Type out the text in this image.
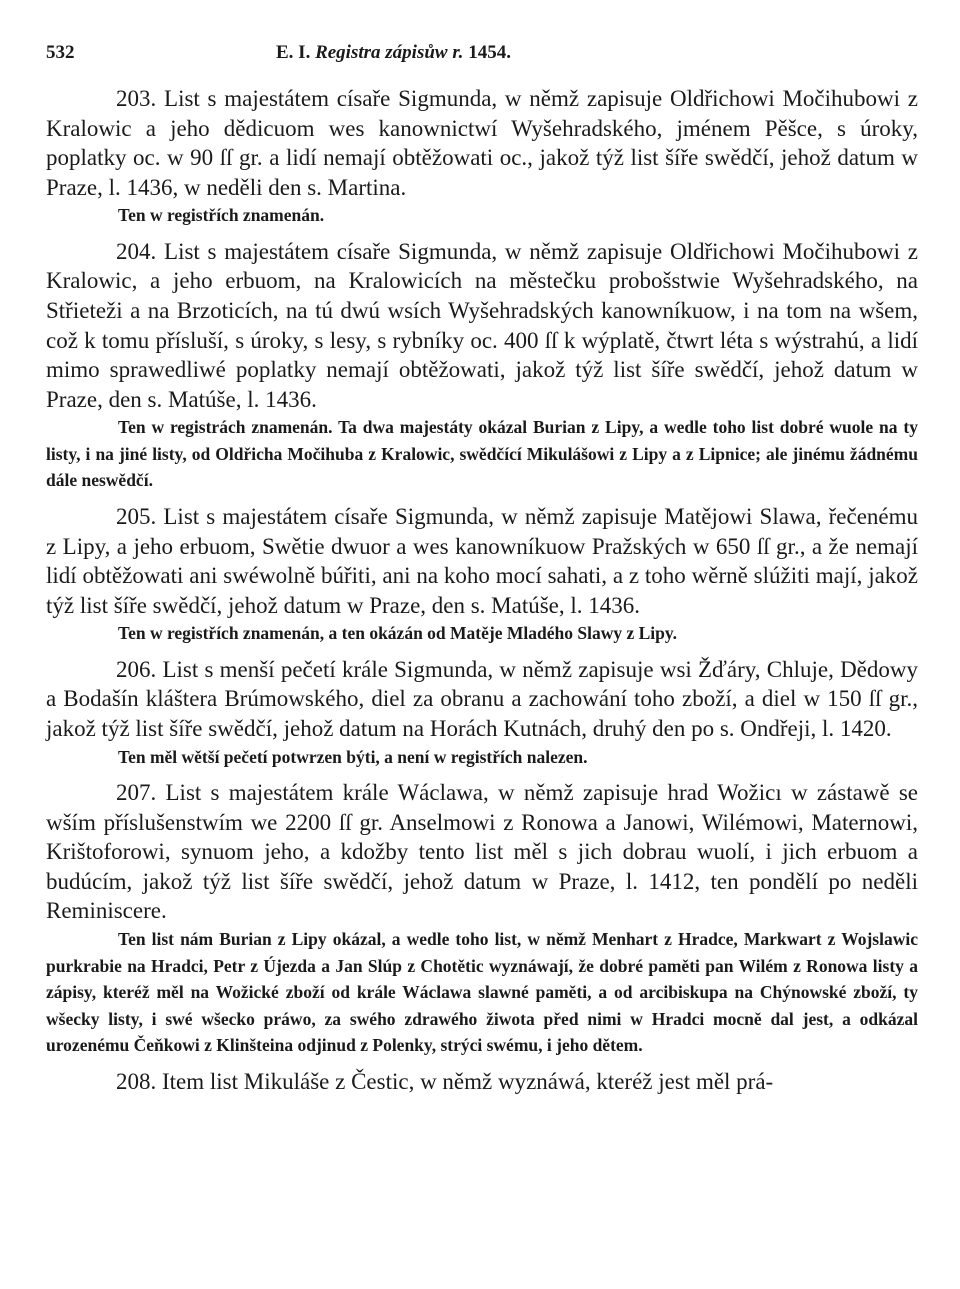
532	E. I. Registra zápisůw r. 1454.

203. List s majestátem císaře Sigmunda, w němž zapisuje Oldřichowi Močihubowi z Kralowic a jeho dědicuom wes kanownictwí Wyšehradského, jménem Pěšce, s úroky, poplatky oc. w 90 ſſ gr. a lidí nemají obtěžowati oc., jakož týž list šíře swědčí, jehož datum w Praze, l. 1436, w neděli den s. Martina.

Ten w registřích znamenán.

204. List s majestátem císaře Sigmunda, w němž zapisuje Oldřichowi Močihubowi z Kralowic, a jeho erbuom, na Kralowicích na městečku probošstwie Wyšehradského, na Střieteži a na Brzoticích, na tú dwú wsích Wyšehradských kanowníkuow, i na tom na wšem, což k tomu přísluší, s úroky, s lesy, s rybníky oc. 400 ſſ k wýplatě, čtwrt léta s wýstrahú, a lidí mimo sprawedliwé poplatky nemají obtěžowati, jakož týž list šíře swědčí, jehož datum w Praze, den s. Matúše, l. 1436.

Ten w registrách znamenán. Ta dwa majestáty okázal Burian z Lipy, a wedle toho list dobré wuole na ty listy, i na jiné listy, od Oldřicha Močihuba z Kralowic, swědčící Mikulášowi z Lipy a z Lipnice; ale jinému žádnému dále neswědčí.

205. List s majestátem císaře Sigmunda, w němž zapisuje Matějowi Slawa, řečenému z Lipy, a jeho erbuom, Swětie dwuor a wes kanowníkuow Pražských w 650 ſſ gr., a že nemají lidí obtěžowati ani swéwolně búřiti, ani na koho mocí sahati, a z toho wěrně slúžiti mají, jakož týž list šíře swědčí, jehož datum w Praze, den s. Matúše, l. 1436.

Ten w registřích znamenán, a ten okázán od Matěje Mladého Slawy z Lipy.

206. List s menší pečetí krále Sigmunda, w němž zapisuje wsi Žďáry, Chluje, Dědowy a Bodašín kláštera Brúmowského, diel za obranu a zachowání toho zboží, a diel w 150 ſſ gr., jakož týž list šíře swědčí, jehož datum na Horách Kutnách, druhý den po s. Ondřeji, l. 1420.

Ten měl wětší pečetí potwrzen býti, a není w registřích nalezen.

207. List s majestátem krále Wáclawa, w němž zapisuje hrad Wožicı w zástawě se wším příslušenstwím we 2200 ſſ gr. Anselmowi z Ronowa a Janowi, Wilémowi, Maternowi, Krištoforowi, synuom jeho, a kdožby tento list měl s jich dobrau wuolí, i jich erbuom a budúcím, jakož týž list šíře swědčí, jehož datum w Praze, l. 1412, ten pondělí po neděli Reminiscere.

Ten list nám Burian z Lipy okázal, a wedle toho list, w němž Menhart z Hradce, Markwart z Wojslawic purkrabie na Hradci, Petr z Újezda a Jan Slúp z Chotětic wyznáwají, že dobré paměti pan Wilém z Ronowa listy a zápisy, kteréž měl na Wožické zboží od krále Wáclawa slawné paměti, a od arcibiskupa na Chýnowské zboží, ty wšecky listy, i swé wšecko práwo, za swého zdrawého žiwota před nimi w Hradci mocně dal jest, a odkázal urozenému Čeňkowi z Klinšteina odjinud z Polenky, strýci swému, i jeho dětem.

208. Item list Mikuláše z Čestic, w němž wyznáwá, kteréž jest měl prá-
